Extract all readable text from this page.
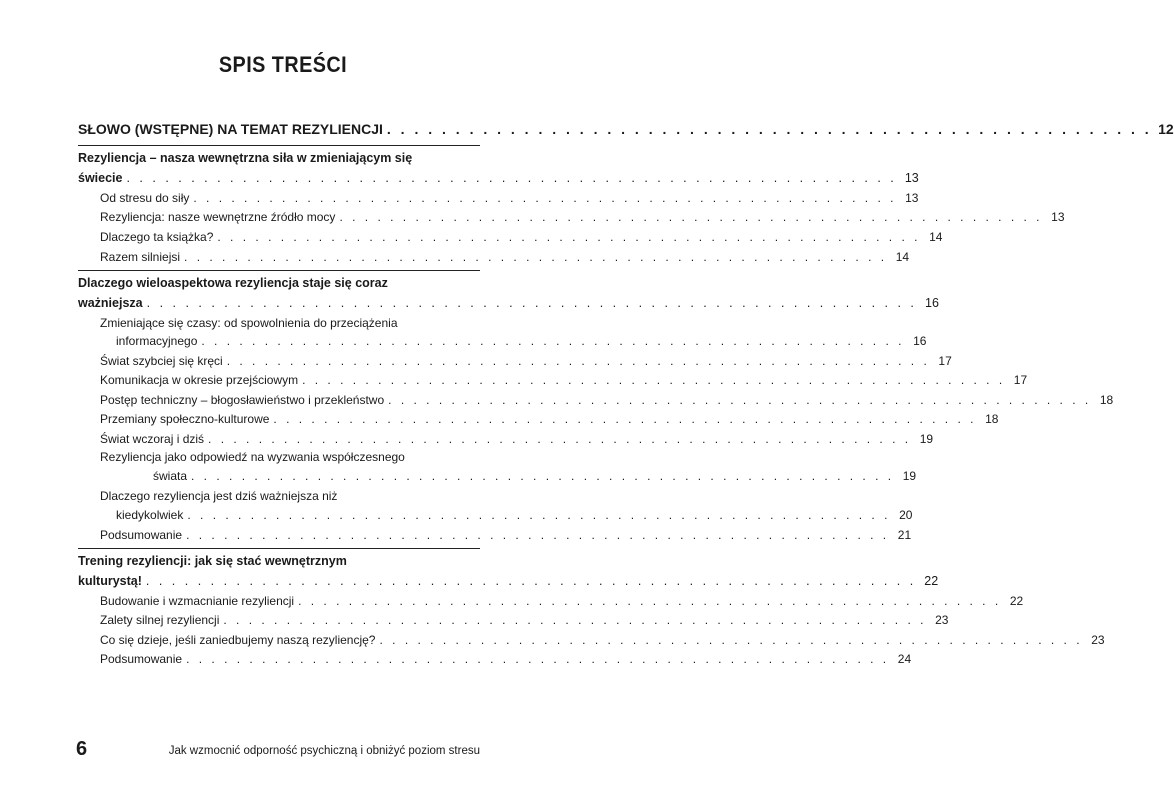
SPIS TREŚCI
SŁOWO (WSTĘPNE) NA TEMAT REZYLIENCJI . . . . . . . . . . . . . . . . . . . . . . . . . . . . . . . . . . . . . . . . . . . . . . . . . . . . . . . . 12
Rezyliencja – nasza wewnętrzna siła w zmieniającym się
świecie . . . . . . . . . . . . . . . . . . . . . . . . . . . . . . . . . . . . . . . . . . . . . . . . . . . . . . . . . . . . 13
Od stresu do siły . . . . . . . . . . . . . . . . . . . . . . . . . . . . . . . . . . . . . . . . . . . . . . . . . . . . . . . . 13
Rezyliencja: nasze wewnętrzne źródło mocy . . . . . . . . . . . . . . . . . . . . . . . . . . . . . . . . . . . . . . . . . . . . . . . . . . . . . . . . 13
Dlaczego ta książka? . . . . . . . . . . . . . . . . . . . . . . . . . . . . . . . . . . . . . . . . . . . . . . . . . . . . . . . . 14
Razem silniejsi . . . . . . . . . . . . . . . . . . . . . . . . . . . . . . . . . . . . . . . . . . . . . . . . . . . . . . . . 14
Dlaczego wieloaspektowa rezyliencja staje się coraz
ważniejsza . . . . . . . . . . . . . . . . . . . . . . . . . . . . . . . . . . . . . . . . . . . . . . . . . . . . . . . . . . . . 16
Zmieniające się czasy: od spowolnienia do przeciążenia
informacyjnego . . . . . . . . . . . . . . . . . . . . . . . . . . . . . . . . . . . . . . . . . . . . . . . . . . . . . . . . 16
Świat szybciej się kręci . . . . . . . . . . . . . . . . . . . . . . . . . . . . . . . . . . . . . . . . . . . . . . . . . . . . . . . . 17
Komunikacja w okresie przejściowym . . . . . . . . . . . . . . . . . . . . . . . . . . . . . . . . . . . . . . . . . . . . . . . . . . . . . . . . 17
Postęp techniczny – błogosławieństwo i przekleństwo . . . . . . . . . . . . . . . . . . . . . . . . . . . . . . . . . . . . . . . . . . . . . . . . . . . . . . . . 18
Przemiany społeczno-kulturowe . . . . . . . . . . . . . . . . . . . . . . . . . . . . . . . . . . . . . . . . . . . . . . . . . . . . . . . . 18
Świat wczoraj i dziś . . . . . . . . . . . . . . . . . . . . . . . . . . . . . . . . . . . . . . . . . . . . . . . . . . . . . . . . 19
Rezyliencja jako odpowiedź na wyzwania współczesnego
świata . . . . . . . . . . . . . . . . . . . . . . . . . . . . . . . . . . . . . . . . . . . . . . . . . . . . . . . . 19
Dlaczego rezyliencja jest dziś ważniejsza niż
kiedykolwiek . . . . . . . . . . . . . . . . . . . . . . . . . . . . . . . . . . . . . . . . . . . . . . . . . . . . . . . . 20
Podsumowanie . . . . . . . . . . . . . . . . . . . . . . . . . . . . . . . . . . . . . . . . . . . . . . . . . . . . . . . . 21
Trening rezyliencji: jak się stać wewnętrznym
kulturystą! . . . . . . . . . . . . . . . . . . . . . . . . . . . . . . . . . . . . . . . . . . . . . . . . . . . . . . . . . . . . 22
Budowanie i wzmacnianie rezyliencji . . . . . . . . . . . . . . . . . . . . . . . . . . . . . . . . . . . . . . . . . . . . . . . . . . . . . . . . 22
Zalety silnej rezyliencji . . . . . . . . . . . . . . . . . . . . . . . . . . . . . . . . . . . . . . . . . . . . . . . . . . . . . . . . 23
Co się dzieje, jeśli zaniedbujemy naszą rezyliencję? . . . . . . . . . . . . . . . . . . . . . . . . . . . . . . . . . . . . . . . . . . . . . . . . . . . . . . . . 23
Podsumowanie . . . . . . . . . . . . . . . . . . . . . . . . . . . . . . . . . . . . . . . . . . . . . . . . . . . . . . . . 24
6	Jak wzmocnić odporność psychiczną i obniżyć poziom stresu
